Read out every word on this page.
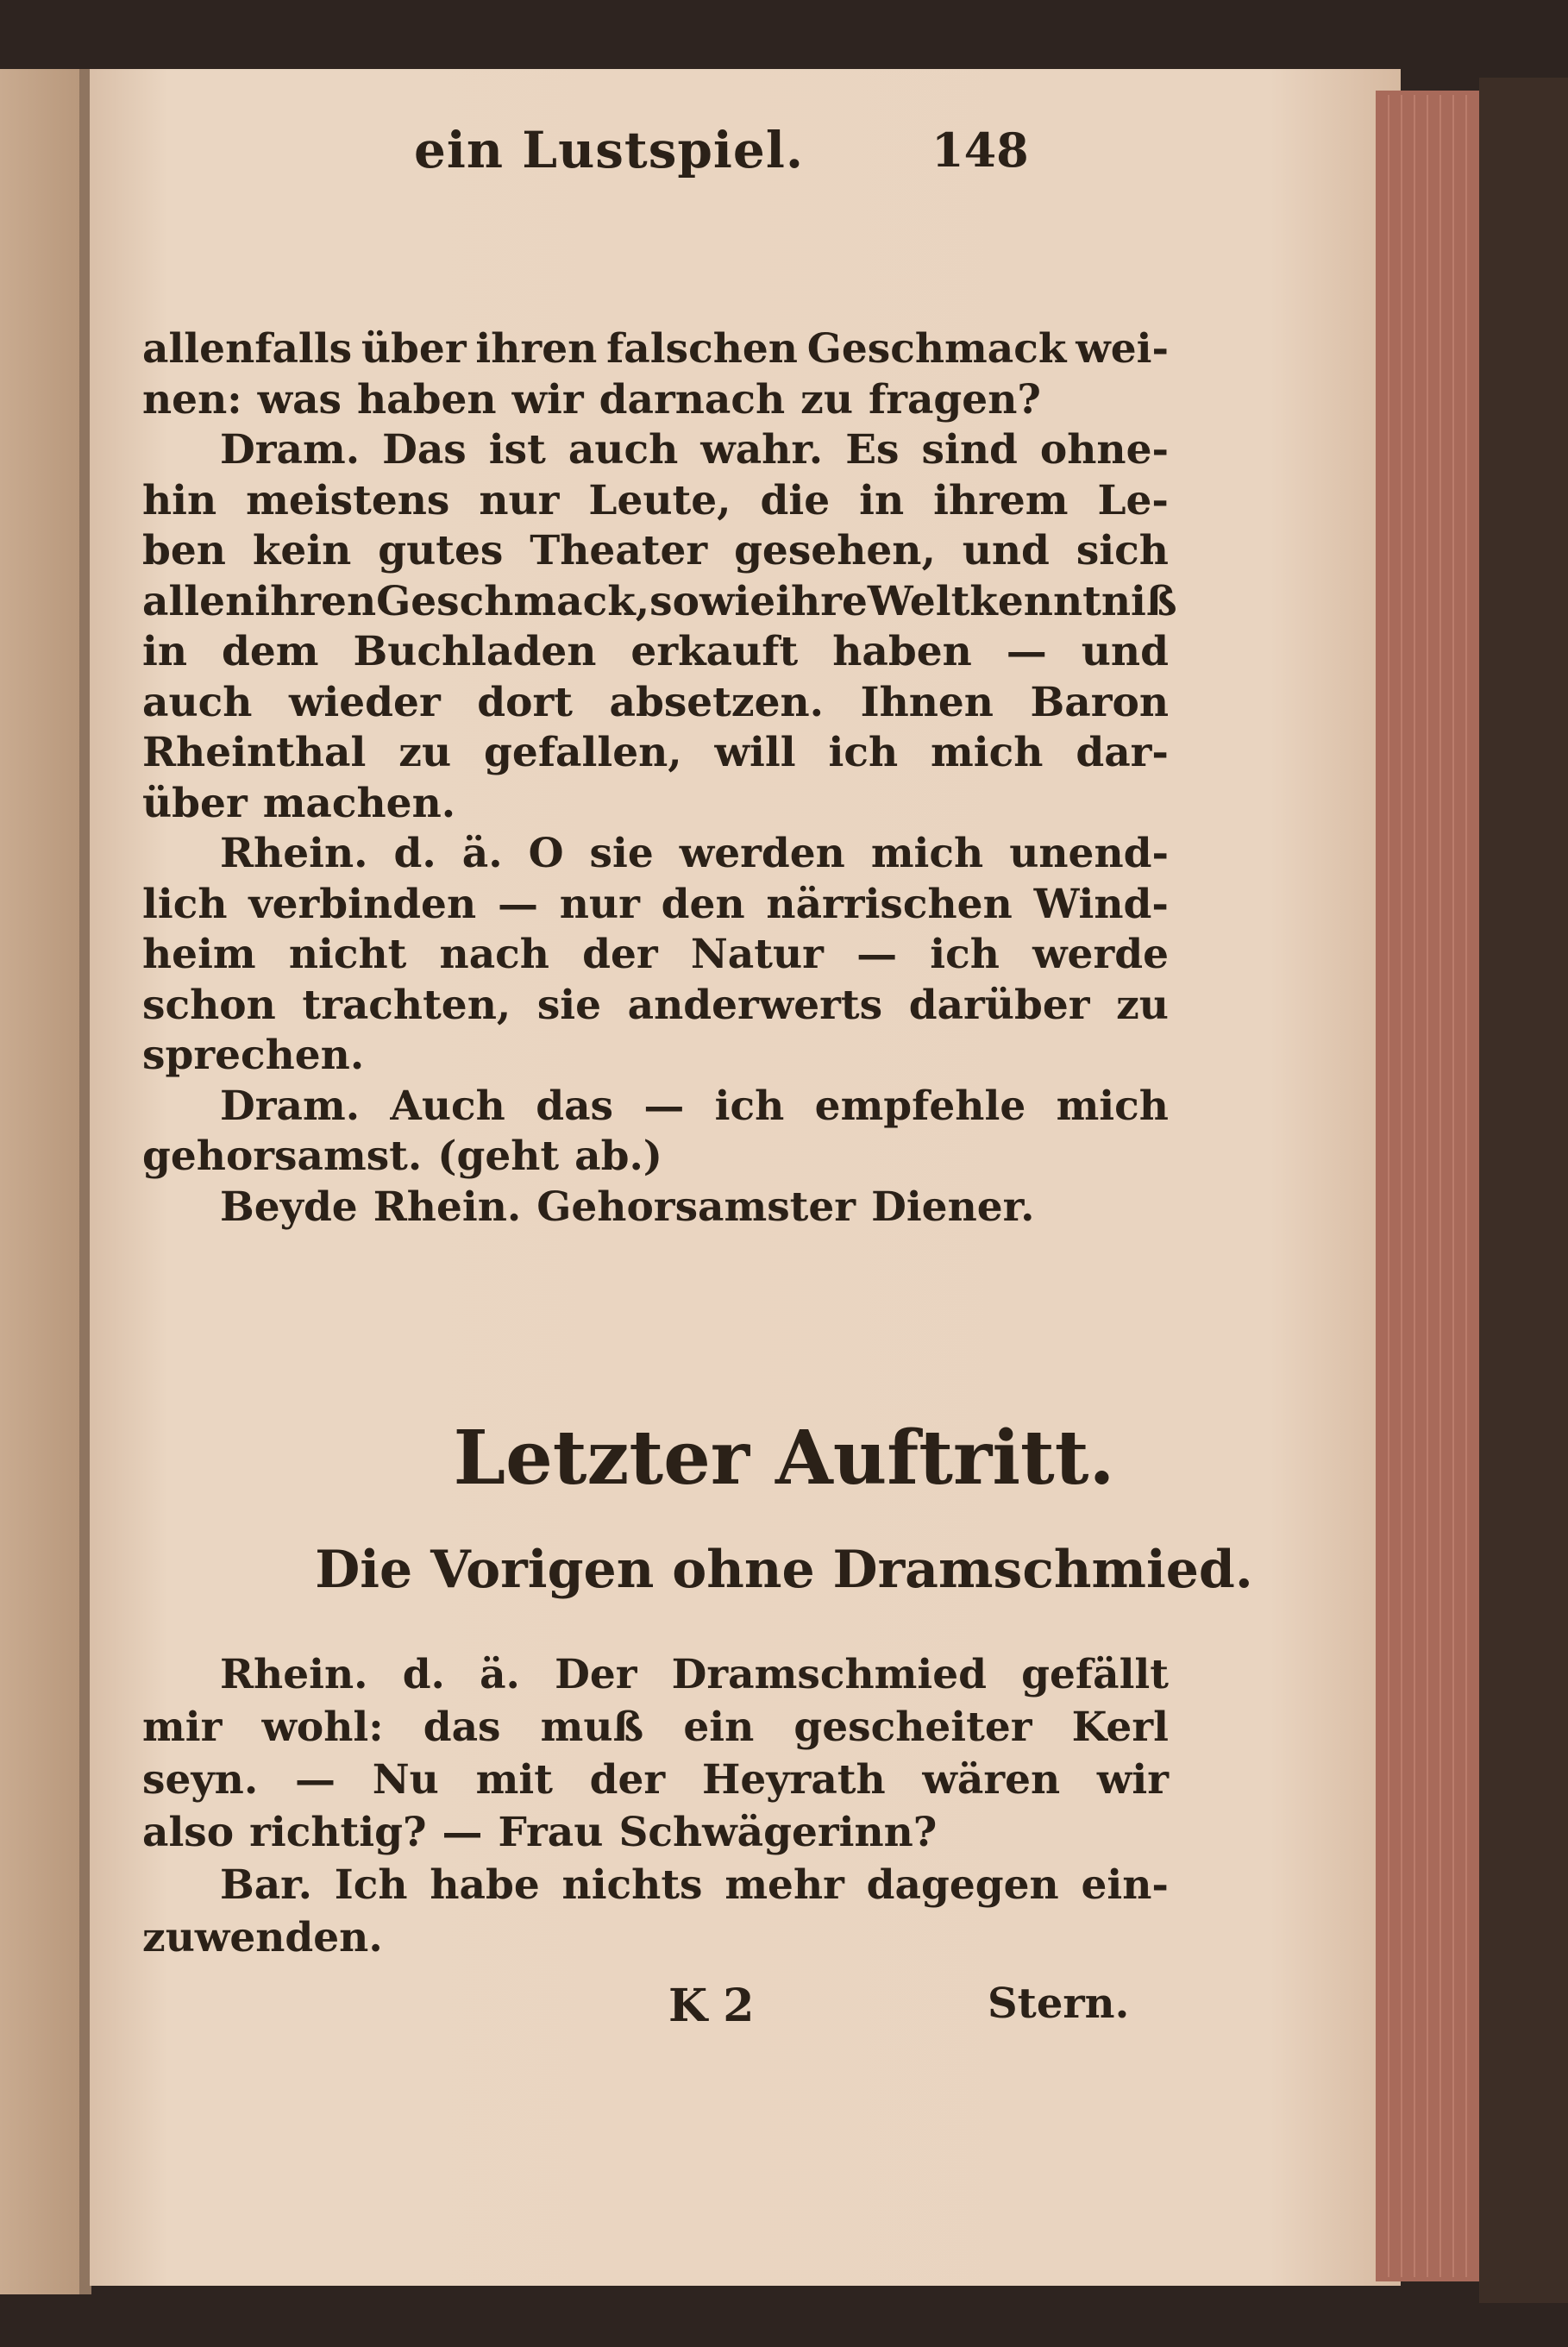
ein Lustspiel.	148
allenfalls über ihren falschen Geschmack wei-
nen: was haben wir darnach zu fragen?
Dram. Das ist auch wahr. Es sind ohne-
hin meistens nur Leute, die in ihrem Le-
ben kein gutes Theater gesehen, und sich
allen ihren Geschmack, so wie ihre Weltkenntniß
in dem Buchladen erkauft haben — und
auch wieder dort absetzen. Ihnen Baron
Rheinthal zu gefallen, will ich mich dar-
über machen.
Rhein. d. ä. O sie werden mich unend-
lich verbinden — nur den närrischen Wind-
heim nicht nach der Natur — ich werde
schon trachten, sie anderwerts darüber zu
sprechen.
Dram. Auch das — ich empfehle mich
gehorsamst. (geht ab.)
Beyde Rhein. Gehorsamster Diener.
Letzter Auftritt.
Die Vorigen ohne Dramschmied.
Rhein. d. ä. Der Dramschmied gefällt
mir wohl: das muß ein gescheiter Kerl
seyn. — Nu mit der Heyrath wären wir
also richtig? — Frau Schwägerinn?
Bar. Ich habe nichts mehr dagegen ein-
zuwenden.
K 2	Stern.
